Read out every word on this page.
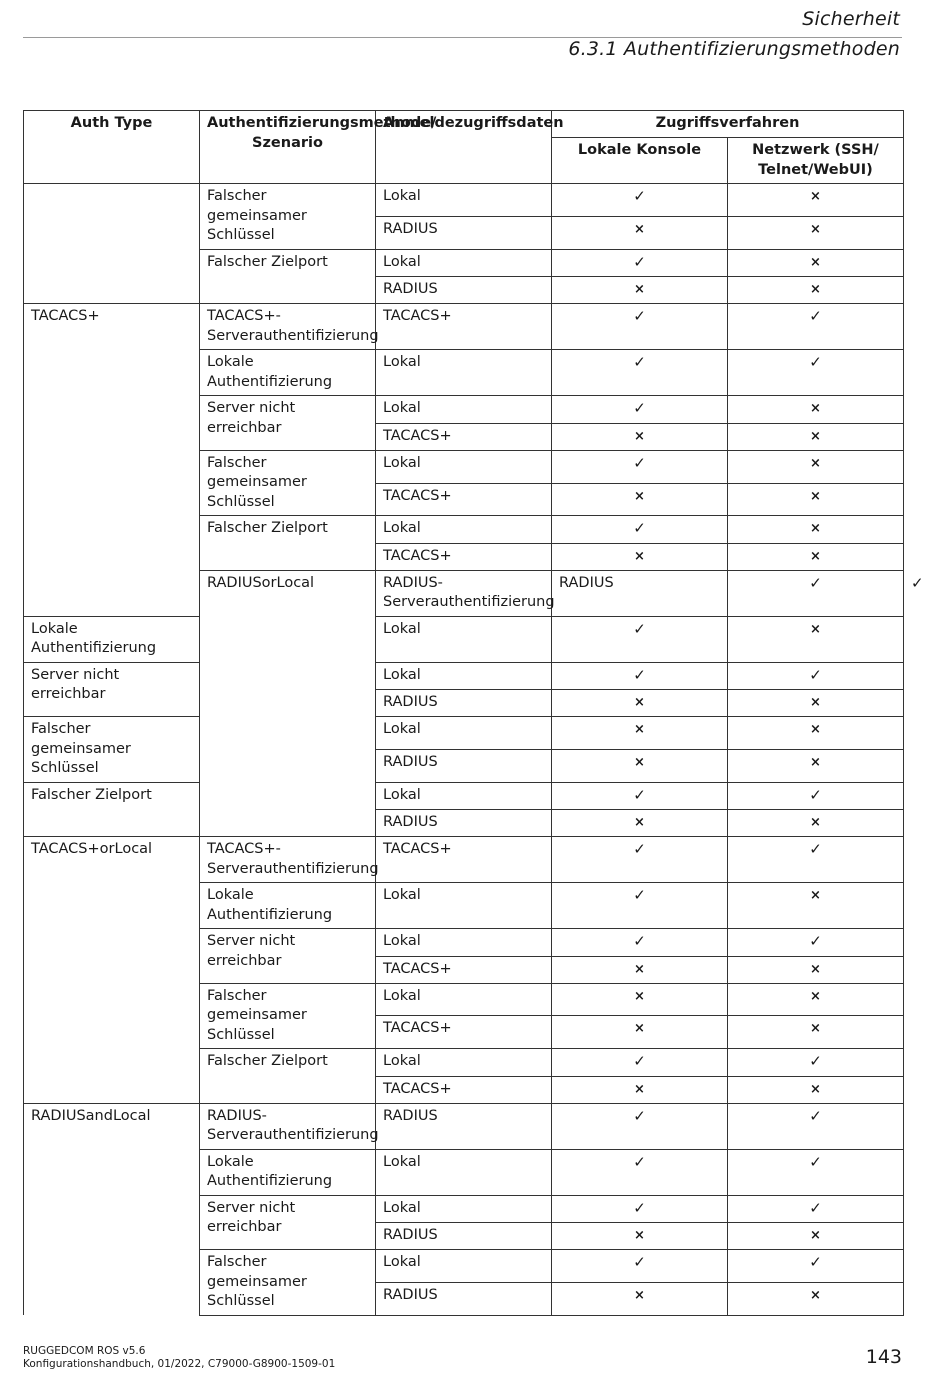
Sicherheit
6.3.1 Authentifizierungsmethoden
Auth Type	Authentifizierungsmethode/ Szenario	Anmeldezugriffsdaten	Zugriffsverfahren		
			Lokale Konsole	Netzwerk (SSH/ Telnet/WebUI)	
	Falscher gemeinsamer Schlüssel	Lokal	✓	×	
		RADIUS	×	×	
	Falscher Zielport	Lokal	✓	×	
		RADIUS	×	×	
TACACS+	TACACS+-Serverauthentifizierung	TACACS+	✓	✓	
	Lokale Authentifizierung	Lokal	✓	✓	
	Server nicht erreichbar	Lokal	✓	×	
		TACACS+	×	×	
	Falscher gemeinsamer Schlüssel	Lokal	✓	×	
		TACACS+	×	×	
	Falscher Zielport	Lokal	✓	×	
		TACACS+	×	×	
	RADIUSorLocal	RADIUS-Serverauthentifizierung	RADIUS	✓	✓
Lokale Authentifizierung		Lokal	✓	×	
Server nicht erreichbar		Lokal	✓	✓	
		RADIUS	×	×	
Falscher gemeinsamer Schlüssel		Lokal	×	×	
		RADIUS	×	×	
Falscher Zielport		Lokal	✓	✓	
		RADIUS	×	×	
TACACS+orLocal	TACACS+-Serverauthentifizierung	TACACS+	✓	✓	
	Lokale Authentifizierung	Lokal	✓	×	
	Server nicht erreichbar	Lokal	✓	✓	
		TACACS+	×	×	
	Falscher gemeinsamer Schlüssel	Lokal	×	×	
		TACACS+	×	×	
	Falscher Zielport	Lokal	✓	✓	
		TACACS+	×	×	
RADIUSandLocal	RADIUS-Serverauthentifizierung	RADIUS	✓	✓	
	Lokale Authentifizierung	Lokal	✓	✓	
	Server nicht erreichbar	Lokal	✓	✓	
		RADIUS	×	×	
	Falscher gemeinsamer Schlüssel	Lokal	✓	✓	
		RADIUS	×	×	
RUGGEDCOM ROS v5.6
Konfigurationshandbuch, 01/2022, C79000-G8900-1509-01	143
